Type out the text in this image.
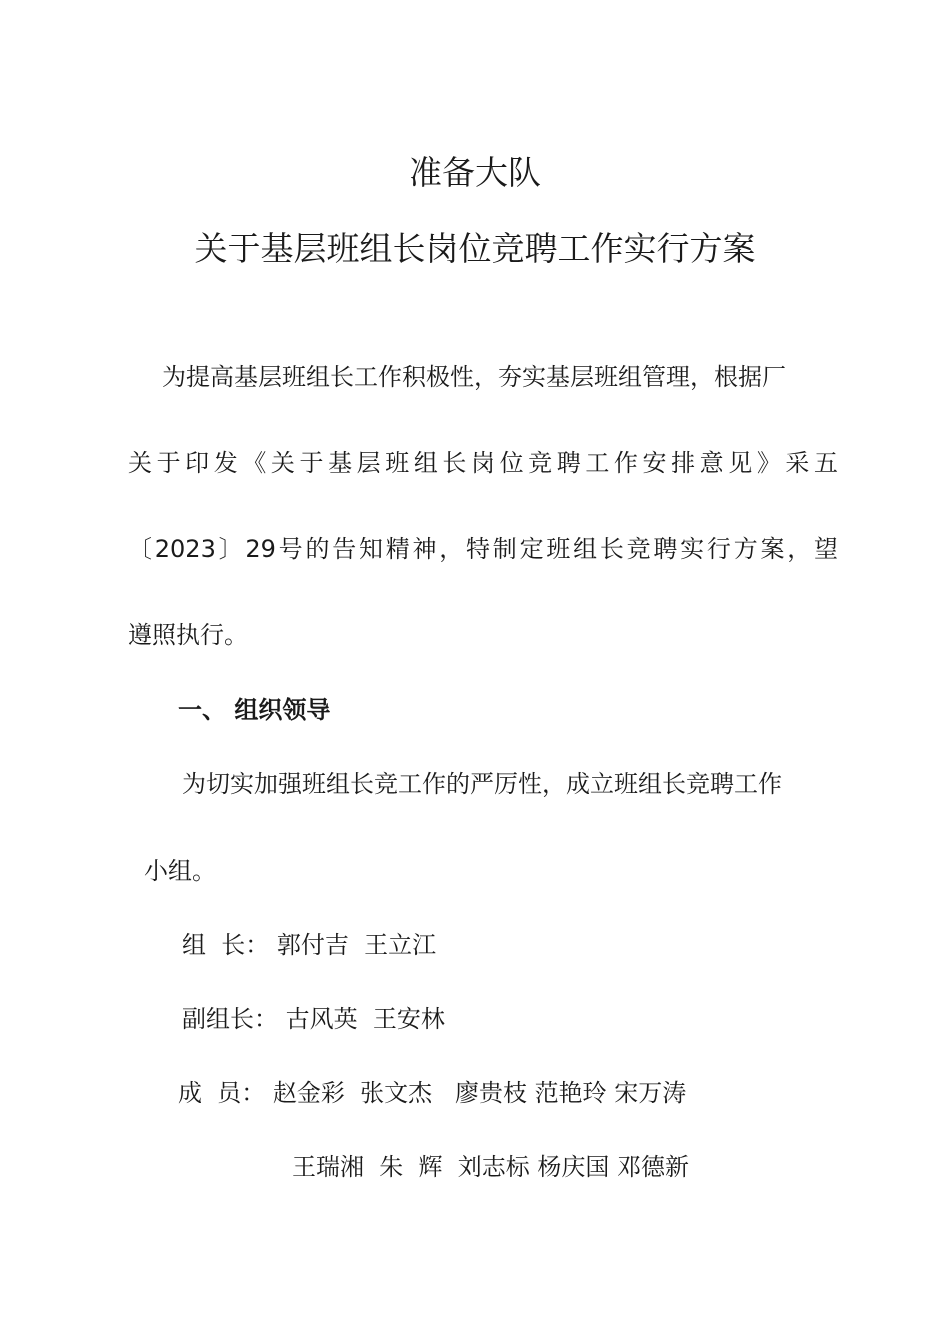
准备大队
关于基层班组长岗位竞聘工作实行方案
为提高基层班组长工作积极性，夯实基层班组管理，根据厂
关于印发《关于基层班组长岗位竞聘工作安排意见》采五
〔2023〕29号的告知精神，特制定班组长竞聘实行方案，望
遵照执行。
一、 组织领导
为切实加强班组长竞工作的严厉性，成立班组长竞聘工作
小组。
组  长： 郭付吉  王立江
副组长： 古风英  王安林
成  员： 赵金彩  张文杰   廖贵枝 范艳玲 宋万涛
王瑞湘  朱  辉  刘志标 杨庆国 邓德新
